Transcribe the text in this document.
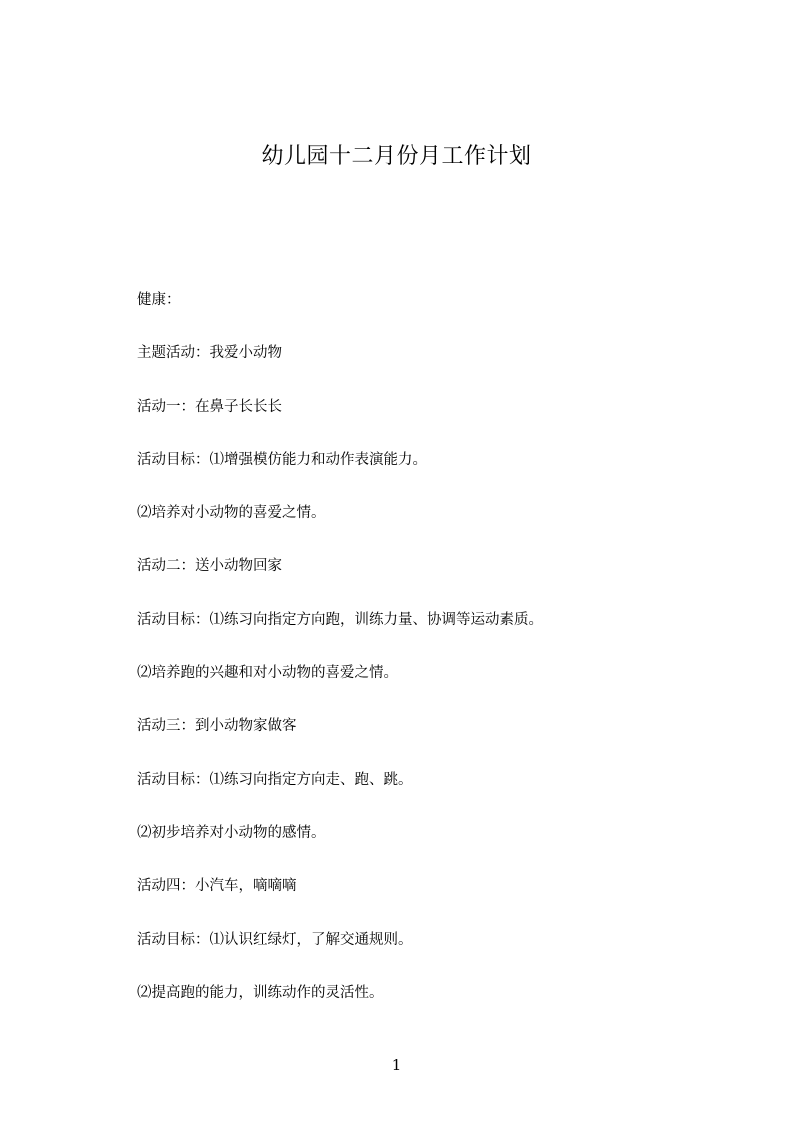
幼儿园十二月份月工作计划
健康：
主题活动：我爱小动物
活动一：在鼻子长长长
活动目标：⑴增强模仿能力和动作表演能力。
⑵培养对小动物的喜爱之情。
活动二：送小动物回家
活动目标：⑴练习向指定方向跑，训练力量、协调等运动素质。
⑵培养跑的兴趣和对小动物的喜爱之情。
活动三：到小动物家做客
活动目标：⑴练习向指定方向走、跑、跳。
⑵初步培养对小动物的感情。
活动四：小汽车，嘀嘀嘀
活动目标：⑴认识红绿灯，了解交通规则。
⑵提高跑的能力，训练动作的灵活性。
1
